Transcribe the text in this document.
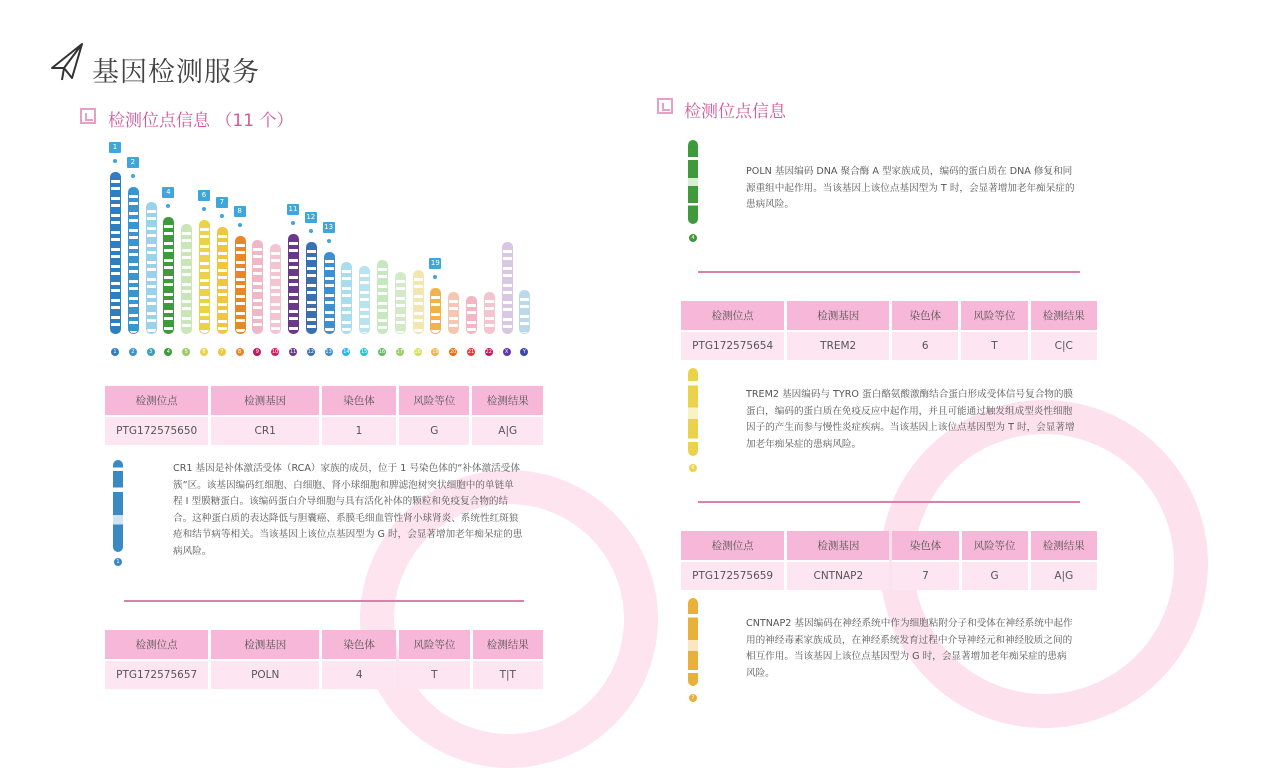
基因检测服务
检测位点信息 （11 个）
1
1
2
2
3	4
4
5	6
6
7
7
8
8
9	10 11
11
12
12
13
13
14 15 16 17 18 19
19
20 21 22	X	Y
检测位点	检测基因	染色体	风险等位	检测结果
PTG172575650	CR1	1	G	A|G
1
CR1 基因是补体激活受体（RCA）家族的成员，位于 1 号染色体的“补体激活受体簇”区。该基因编码红细胞、白细胞、肾小球细胞和脾滤泡树突状细胞中的单链单程 I 型膜糖蛋白。该编码蛋白介导细胞与具有活化补体的颗粒和免疫复合物的结合。这种蛋白质的表达降低与胆囊癌、系膜毛细血管性肾小球肾炎、系统性红斑狼疮和结节病等相关。当该基因上该位点基因型为 G 时，会显著增加老年痴呆症的患病风险。
检测位点	检测基因	染色体	风险等位	检测结果
PTG172575657	POLN	4	T	T|T
检测位点信息
4
POLN 基因编码 DNA 聚合酶 A 型家族成员，编码的蛋白质在 DNA 修复和同源重组中起作用。当该基因上该位点基因型为 T 时，会显著增加老年痴呆症的患病风险。
检测位点	检测基因	染色体	风险等位	检测结果
PTG172575654	TREM2	6	T	C|C
6
TREM2 基因编码与 TYRO 蛋白酪氨酸激酶结合蛋白形成受体信号复合物的膜蛋白，编码的蛋白质在免疫反应中起作用，并且可能通过触发组成型炎性细胞因子的产生而参与慢性炎症疾病。当该基因上该位点基因型为 T 时，会显著增加老年痴呆症的患病风险。
检测位点	检测基因	染色体	风险等位	检测结果
PTG172575659	CNTNAP2	7	G	A|G
7
CNTNAP2 基因编码在神经系统中作为细胞粘附分子和受体在神经系统中起作用的神经毒素家族成员，在神经系统发育过程中介导神经元和神经胶质之间的相互作用。当该基因上该位点基因型为 G 时，会显著增加老年痴呆症的患病风险。
